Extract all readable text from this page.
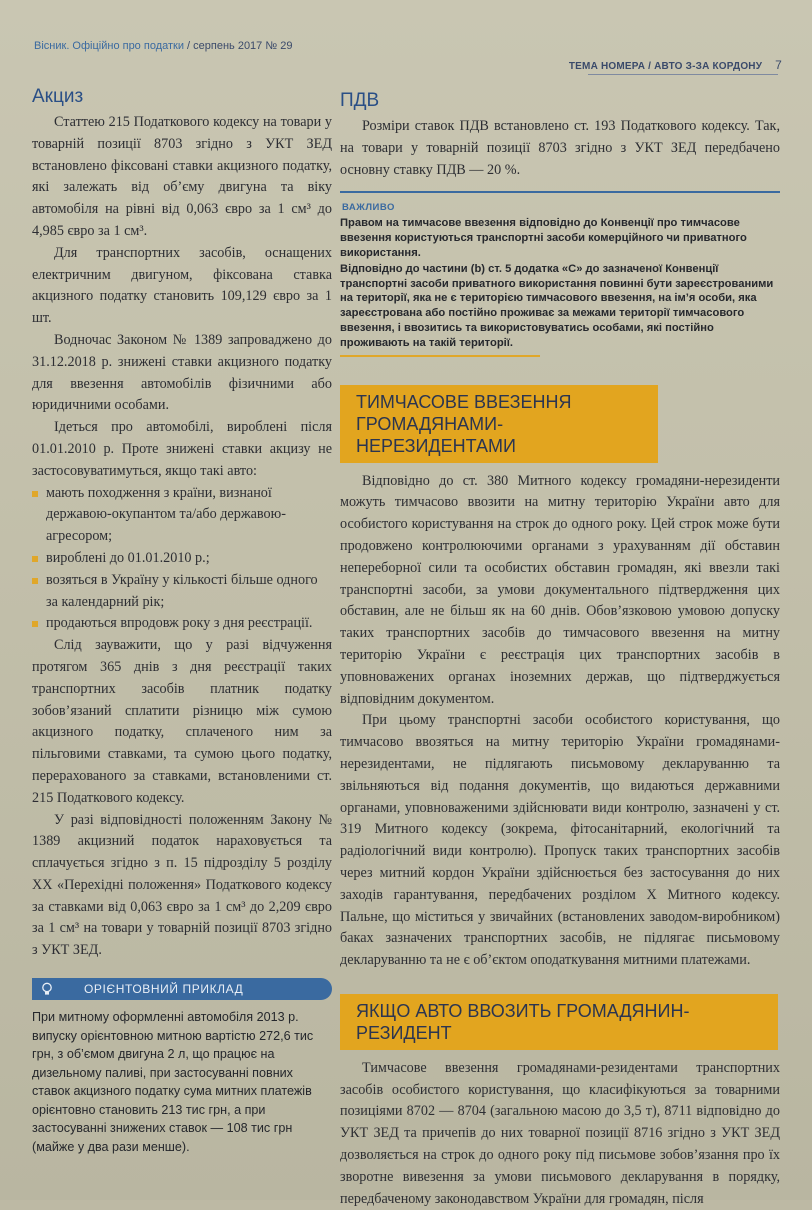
Вісник. Офіційно про податки / серпень 2017 № 29
ТЕМА НОМЕРА / АВТО З-ЗА КОРДОНУ 7
Акциз

Статтею 215 Податкового кодексу на товари у товарній позиції 8703 згідно з УКТ ЗЕД встановлено фіксовані ставки акцизного податку, які залежать від об’єму двигуна та віку автомобіля на рівні від 0,063 євро за 1 см³ до 4,985 євро за 1 см³.

Для транспортних засобів, оснащених електричним двигуном, фіксована ставка акцизного податку становить 109,129 євро за 1 шт.

Водночас Законом № 1389 запроваджено до 31.12.2018 р. знижені ставки акцизного податку для ввезення автомобілів фізичними або юридичними особами.

Ідеться про автомобілі, вироблені після 01.01.2010 р. Проте знижені ставки акцизу не застосовуватимуться, якщо такі авто:

мають походження з країни, визнаної державою-окупантом та/або державою-агресором;
вироблені до 01.01.2010 р.;
возяться в Україну у кількості більше одного за календарний рік;
продаються впродовж року з дня реєстрації.

Слід зауважити, що у разі відчуження протягом 365 днів з дня реєстрації таких транспортних засобів платник податку зобов’язаний сплатити різницю між сумою акцизного податку, сплаченого ним за пільговими ставками, та сумою цього податку, перерахованого за ставками, встановленими ст. 215 Податкового кодексу.

У разі відповідності положенням Закону № 1389 акцизний податок нараховується та сплачується згідно з п. 15 підрозділу 5 розділу XX «Перехідні положення» Податкового кодексу за ставками від 0,063 євро за 1 см³ до 2,209 євро за 1 см³ на товари у товарній позиції 8703 згідно з УКТ ЗЕД.

ОРІЄНТОВНИЙ ПРИКЛАД
При митному оформленні автомобіля 2013 р. випуску орієнтовною митною вартістю 272,6 тис грн, з об’ємом двигуна 2 л, що працює на дизельному паливі, при застосуванні повних ставок акцизного податку сума митних платежів орієнтовно становить 213 тис грн, а при застосуванні знижених ставок — 108 тис грн (майже у два рази менше).
ПДВ

Розміри ставок ПДВ встановлено ст. 193 Податкового кодексу. Так, на товари у товарній позиції 8703 згідно з УКТ ЗЕД передбачено основну ставку ПДВ — 20 %.

ВАЖЛИВО

Правом на тимчасове ввезення відповідно до Конвенції про тимчасове ввезення користуються транспортні засоби комерційного чи приватного використання.

Відповідно до частини (b) ст. 5 додатка «С» до зазначеної Конвенції транспортні засоби приватного використання повинні бути зареєстрованими на території, яка не є територією тимчасового ввезення, на ім’я особи, яка зареєстрована або постійно проживає за межами території тимчасового ввезення, і ввозитись та використовуватись особами, які постійно проживають на такій території.

ТИМЧАСОВЕ ВВЕЗЕННЯ ГРОМАДЯНАМИ-НЕРЕЗИДЕНТАМИ

Відповідно до ст. 380 Митного кодексу громадяни-нерезиденти можуть тимчасово ввозити на митну територію України авто для особистого користування на строк до одного року. Цей строк може бути продовжено контролюючими органами з урахуванням дії обставин непереборної сили та особистих обставин громадян, які ввезли такі транспортні засоби, за умови документального підтвердження цих обставин, але не більш як на 60 днів. Обов’язковою умовою допуску таких транспортних засобів до тимчасового ввезення на митну територію України є реєстрація цих транспортних засобів в уповноважених органах іноземних держав, що підтверджується відповідним документом.

При цьому транспортні засоби особистого користування, що тимчасово ввозяться на митну територію України громадянами-нерезидентами, не підлягають письмовому декларуванню та звільняються від подання документів, що видаються державними органами, уповноваженими здійснювати види контролю, зазначені у ст. 319 Митного кодексу (зокрема, фітосанітарний, екологічний та радіологічний види контролю). Пропуск таких транспортних засобів через митний кордон України здійснюється без застосування до них заходів гарантування, передбачених розділом Х Митного кодексу. Пальне, що міститься у звичайних (встановлених заводом-виробником) баках зазначених транспортних засобів, не підлягає письмовому декларуванню та не є об’єктом оподаткування митними платежами.

ЯКЩО АВТО ВВОЗИТЬ ГРОМАДЯНИН-РЕЗИДЕНТ

Тимчасове ввезення громадянами-резидентами транспортних засобів особистого користування, що класифікуються за товарними позиціями 8702 — 8704 (загальною масою до 3,5 т), 8711 відповідно до УКТ ЗЕД та причепів до них товарної позиції 8716 згідно з УКТ ЗЕД дозволяється на строк до одного року під письмове зобов’язання про їх зворотне вивезення за умови письмового декларування в порядку, передбаченому законодавством України для громадян, після
